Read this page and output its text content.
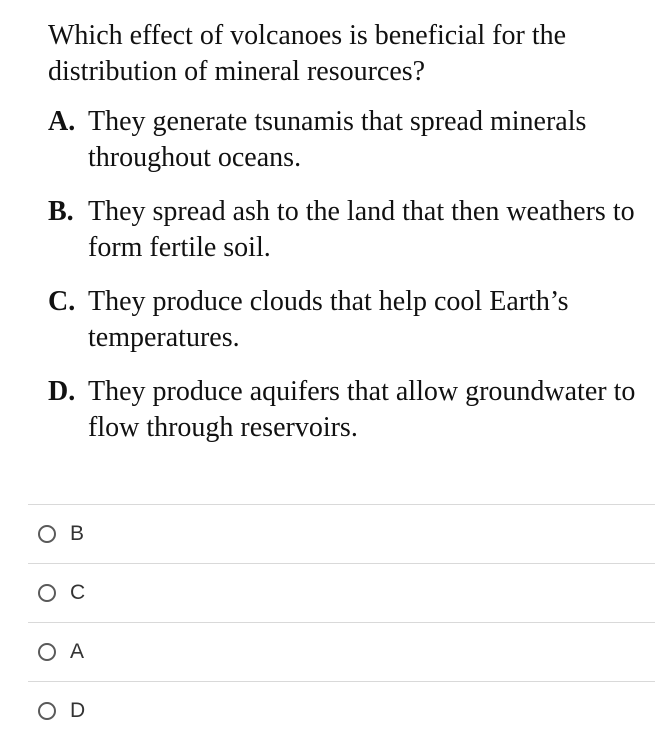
Which effect of volcanoes is beneficial for the distribution of mineral resources?

A. They generate tsunamis that spread minerals throughout oceans.
B. They spread ash to the land that then weathers to form fertile soil.
C. They produce clouds that help cool Earth’s temperatures.
D. They produce aquifers that allow groundwater to flow through reservoirs.
B
C
A
D
